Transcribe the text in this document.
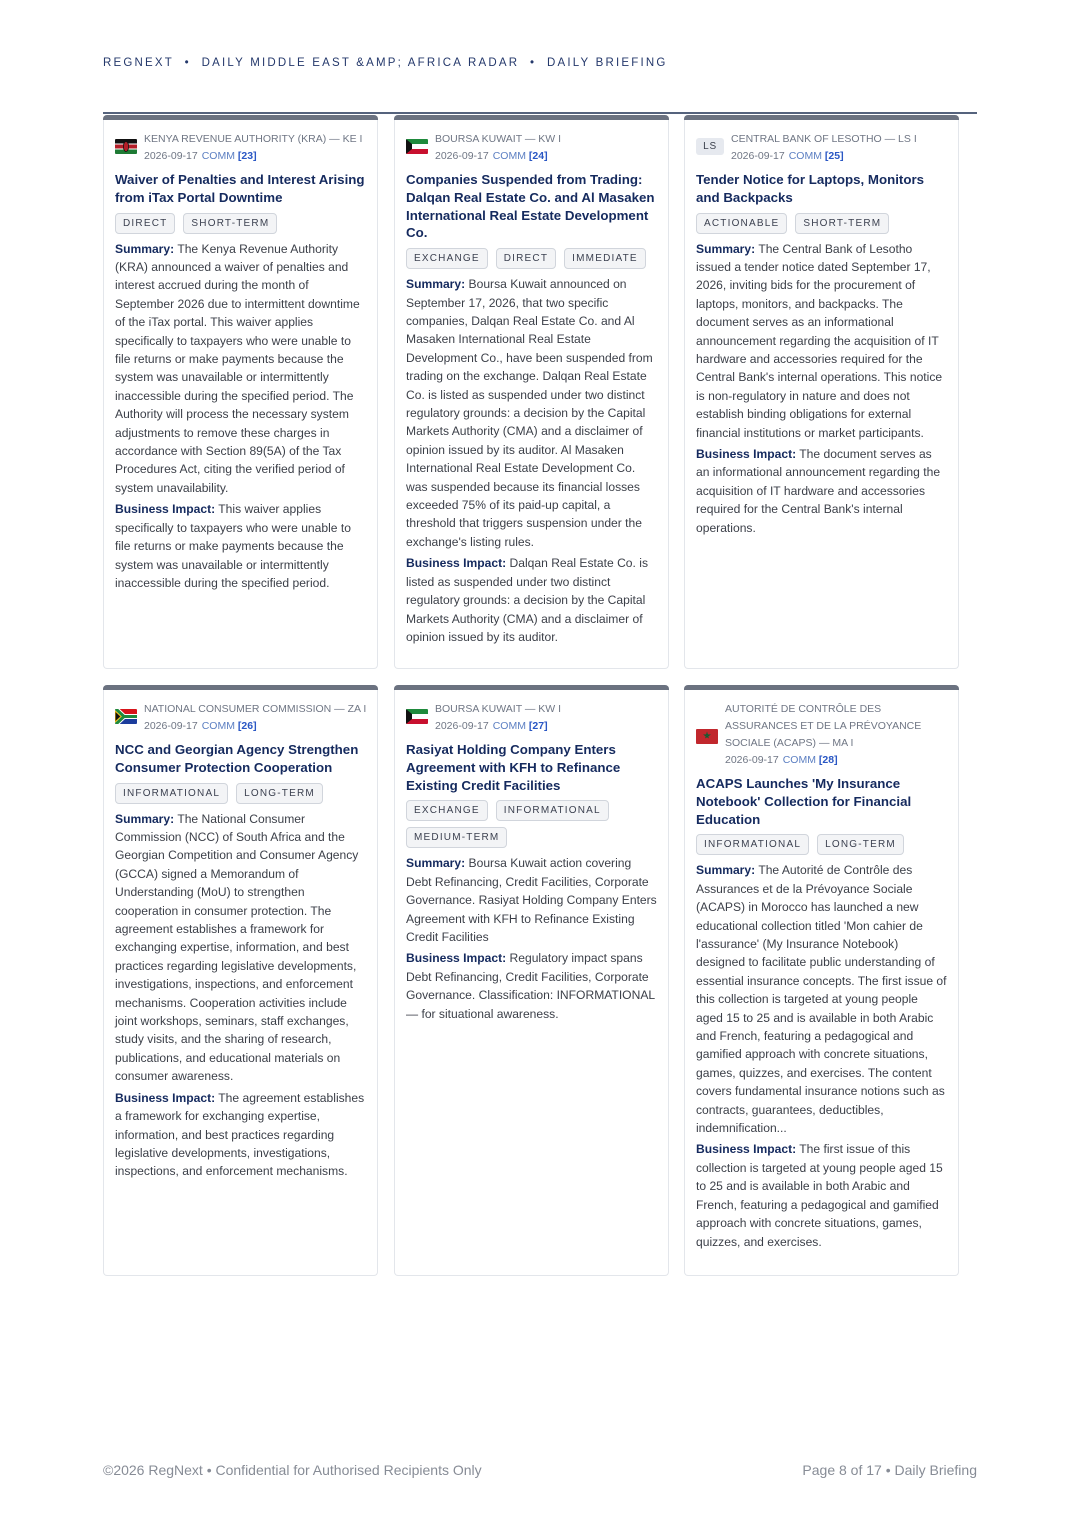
REGNEXT • DAILY MIDDLE EAST &AMP; AFRICA RADAR • DAILY BRIEFING
KENYA REVENUE AUTHORITY (KRA) — KE I
2026-09-17 COMM [23]
Waiver of Penalties and Interest Arising from iTax Portal Downtime
DIRECT	SHORT-TERM

Summary: The Kenya Revenue Authority (KRA) announced a waiver of penalties and interest accrued during the month of September 2026 due to intermittent downtime of the iTax portal. This waiver applies specifically to taxpayers who were unable to file returns or make payments because the system was unavailable or intermittently inaccessible during the specified period. The Authority will process the necessary system adjustments to remove these charges in accordance with Section 89(5A) of the Tax Procedures Act, citing the verified period of system unavailability.

Business Impact: This waiver applies specifically to taxpayers who were unable to file returns or make payments because the system was unavailable or intermittently inaccessible during the specified period.

BOURSA KUWAIT — KW I
2026-09-17 COMM [24]
Companies Suspended from Trading: Dalqan Real Estate Co. and Al Masaken International Real Estate Development Co.
EXCHANGE	DIRECT	IMMEDIATE

Summary: Boursa Kuwait announced on September 17, 2026, that two specific companies, Dalqan Real Estate Co. and Al Masaken International Real Estate Development Co., have been suspended from trading on the exchange. Dalqan Real Estate Co. is listed as suspended under two distinct regulatory grounds: a decision by the Capital Markets Authority (CMA) and a disclaimer of opinion issued by its auditor. Al Masaken International Real Estate Development Co. was suspended because its financial losses exceeded 75% of its paid-up capital, a threshold that triggers suspension under the exchange's listing rules.

Business Impact: Dalqan Real Estate Co. is listed as suspended under two distinct regulatory grounds: a decision by the Capital Markets Authority (CMA) and a disclaimer of opinion issued by its auditor.

LS
CENTRAL BANK OF LESOTHO — LS I
2026-09-17 COMM [25]
Tender Notice for Laptops, Monitors and Backpacks
ACTIONABLE	SHORT-TERM

Summary: The Central Bank of Lesotho issued a tender notice dated September 17, 2026, inviting bids for the procurement of laptops, monitors, and backpacks. The document serves as an informational announcement regarding the acquisition of IT hardware and accessories required for the Central Bank's internal operations. This notice is non-regulatory in nature and does not establish binding obligations for external financial institutions or market participants.

Business Impact: The document serves as an informational announcement regarding the acquisition of IT hardware and accessories required for the Central Bank's internal operations.

NATIONAL CONSUMER COMMISSION — ZA I 2026-09-17 COMM [26]
NCC and Georgian Agency Strengthen Consumer Protection Cooperation
INFORMATIONAL	LONG-TERM

Summary: The National Consumer Commission (NCC) of South Africa and the Georgian Competition and Consumer Agency (GCCA) signed a Memorandum of Understanding (MoU) to strengthen cooperation in consumer protection. The agreement establishes a framework for exchanging expertise, information, and best practices regarding legislative developments, investigations, inspections, and enforcement mechanisms. Cooperation activities include joint workshops, seminars, staff exchanges, study visits, and the sharing of research, publications, and educational materials on consumer awareness.

Business Impact: The agreement establishes a framework for exchanging expertise, information, and best practices regarding legislative developments, investigations, inspections, and enforcement mechanisms.

BOURSA KUWAIT — KW I
2026-09-17 COMM [27]
Rasiyat Holding Company Enters Agreement with KFH to Refinance Existing Credit Facilities
EXCHANGE	INFORMATIONAL
MEDIUM-TERM

Summary: Boursa Kuwait action covering Debt Refinancing, Credit Facilities, Corporate Governance. Rasiyat Holding Company Enters Agreement with KFH to Refinance Existing Credit Facilities

Business Impact: Regulatory impact spans Debt Refinancing, Credit Facilities, Corporate Governance. Classification: INFORMATIONAL — for situational awareness.

AUTORITÉ DE CONTRÔLE DES ASSURANCES ET DE LA PRÉVOYANCE SOCIALE (ACAPS) — MA I
2026-09-17 COMM [28]
ACAPS Launches 'My Insurance Notebook' Collection for Financial Education
INFORMATIONAL	LONG-TERM

Summary: The Autorité de Contrôle des Assurances et de la Prévoyance Sociale (ACAPS) in Morocco has launched a new educational collection titled 'Mon cahier de l'assurance' (My Insurance Notebook) designed to facilitate public understanding of essential insurance concepts. The first issue of this collection is targeted at young people aged 15 to 25 and is available in both Arabic and French, featuring a pedagogical and gamified approach with concrete situations, games, quizzes, and exercises. The content covers fundamental insurance notions such as contracts, guarantees, deductibles, indemnification...

Business Impact: The first issue of this collection is targeted at young people aged 15 to 25 and is available in both Arabic and French, featuring a pedagogical and gamified approach with concrete situations, games, quizzes, and exercises.

©2026 RegNext • Confidential for Authorised Recipients Only	Page 8 of 17 • Daily Briefing
